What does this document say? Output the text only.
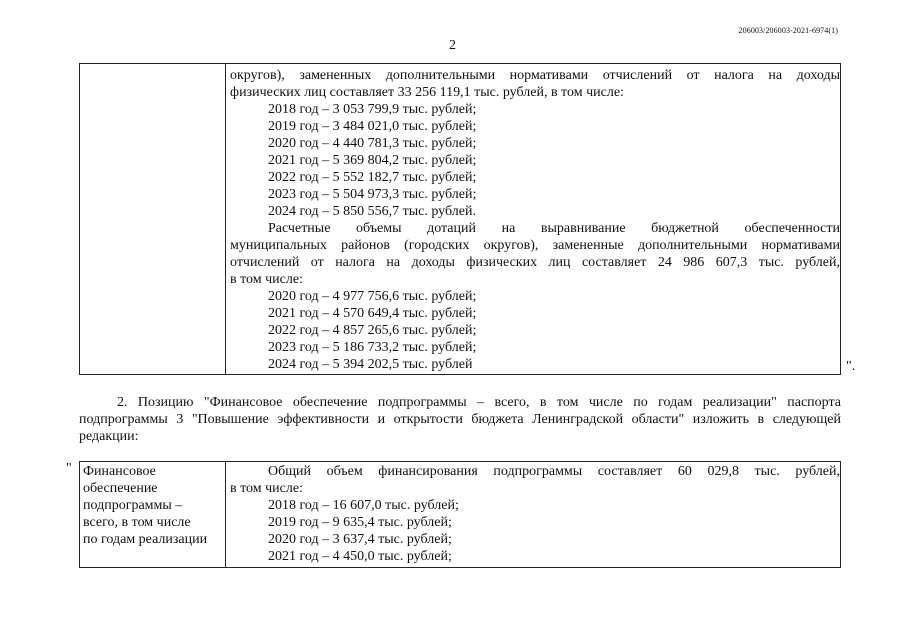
206003/206003-2021-6974(1)
2
округов), замененных дополнительными нормативами отчислений от налога на доходы
физических лиц составляет 33 256 119,1 тыс. рублей, в том числе:
2018 год – 3 053 799,9 тыс. рублей;
2019 год – 3 484 021,0 тыс. рублей;
2020 год – 4 440 781,3 тыс. рублей;
2021 год – 5 369 804,2 тыс. рублей;
2022 год – 5 552 182,7 тыс. рублей;
2023 год – 5 504 973,3 тыс. рублей;
2024 год – 5 850 556,7 тыс. рублей.
Расчетные объемы дотаций на выравнивание бюджетной обеспеченности
муниципальных районов (городских округов), замененные дополнительными нормативами
отчислений от налога на доходы физических лиц составляет 24 986 607,3 тыс. рублей,
в том числе:
2020 год – 4 977 756,6 тыс. рублей;
2021 год – 4 570 649,4 тыс. рублей;
2022 год – 4 857 265,6 тыс. рублей;
2023 год – 5 186 733,2 тыс. рублей;
2024 год – 5 394 202,5 тыс. рублей	".
2. Позицию "Финансовое обеспечение подпрограммы – всего, в том числе по годам реализации" паспорта
подпрограммы 3 "Повышение эффективности и открытости бюджета Ленинградской области" изложить в следующей
редакции:
" Финансовое
обеспечение
подпрограммы –
всего, в том числе
по годам реализации
Общий объем финансирования подпрограммы составляет 60 029,8 тыс. рублей,
в том числе:
2018 год – 16 607,0 тыс. рублей;
2019 год – 9 635,4 тыс. рублей;
2020 год – 3 637,4 тыс. рублей;
2021 год – 4 450,0 тыс. рублей;
